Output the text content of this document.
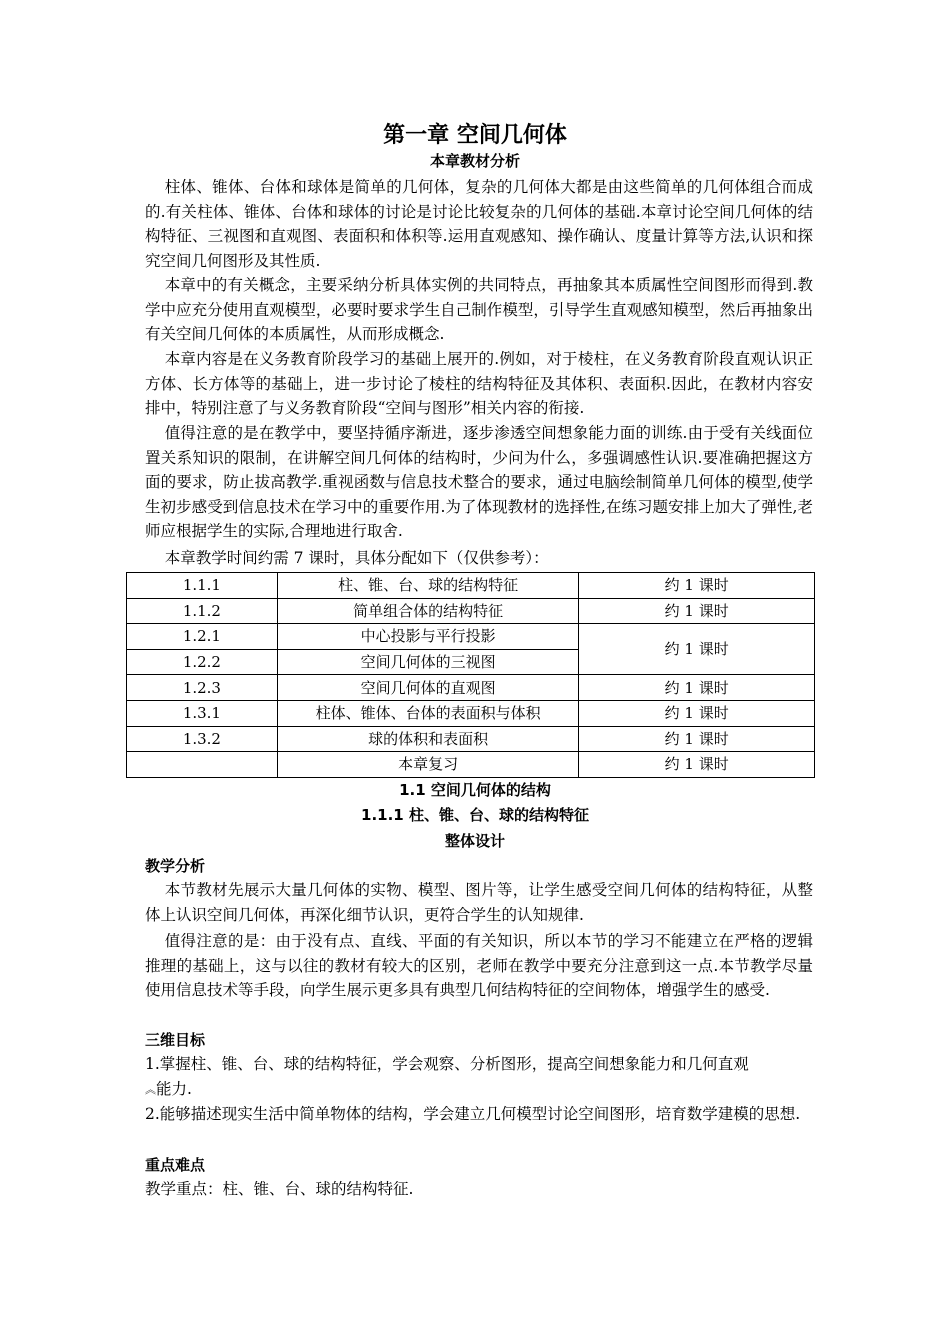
第一章 空间几何体
本章教材分析
柱体、锥体、台体和球体是简单的几何体，复杂的几何体大都是由这些简单的几何体组合而成的.有关柱体、锥体、台体和球体的讨论是讨论比较复杂的几何体的基础.本章讨论空间几何体的结构特征、三视图和直观图、表面积和体积等.运用直观感知、操作确认、度量计算等方法,认识和探究空间几何图形及其性质.
本章中的有关概念，主要采纳分析具体实例的共同特点，再抽象其本质属性空间图形而得到.教学中应充分使用直观模型，必要时要求学生自己制作模型，引导学生直观感知模型，然后再抽象出有关空间几何体的本质属性，从而形成概念.
本章内容是在义务教育阶段学习的基础上展开的.例如，对于棱柱，在义务教育阶段直观认识正方体、长方体等的基础上，进一步讨论了棱柱的结构特征及其体积、表面积.因此，在教材内容安排中，特别注意了与义务教育阶段“空间与图形”相关内容的衔接.
值得注意的是在教学中，要坚持循序渐进，逐步渗透空间想象能力面的训练.由于受有关线面位置关系知识的限制，在讲解空间几何体的结构时，少问为什么，多强调感性认识.要准确把握这方面的要求，防止拔高教学.重视函数与信息技术整合的要求，通过电脑绘制简单几何体的模型,使学生初步感受到信息技术在学习中的重要作用.为了体现教材的选择性,在练习题安排上加大了弹性,老师应根据学生的实际,合理地进行取舍.
本章教学时间约需 7 课时，具体分配如下（仅供参考）：
1.1.1	柱、锥、台、球的结构特征	约 1 课时
1.1.2	简单组合体的结构特征	约 1 课时
1.2.1	中心投影与平行投影	约 1 课时
1.2.2	空间几何体的三视图	
1.2.3	空间几何体的直观图	约 1 课时
1.3.1	柱体、锥体、台体的表面积与体积	约 1 课时
1.3.2	球的体积和表面积	约 1 课时
	本章复习	约 1 课时
1.1 空间几何体的结构
1.1.1 柱、锥、台、球的结构特征
整体设计
教学分析
本节教材先展示大量几何体的实物、模型、图片等，让学生感受空间几何体的结构特征，从整体上认识空间几何体，再深化细节认识，更符合学生的认知规律.
值得注意的是：由于没有点、直线、平面的有关知识，所以本节的学习不能建立在严格的逻辑推理的基础上，这与以往的教材有较大的区别，老师在教学中要充分注意到这一点.本节教学尽量使用信息技术等手段，向学生展示更多具有典型几何结构特征的空间物体，增强学生的感受.
三维目标
1.掌握柱、锥、台、球的结构特征，学会观察、分析图形，提高空间想象能力和几何直观
︽能力.
2.能够描述现实生活中简单物体的结构，学会建立几何模型讨论空间图形，培育数学建模的思想.
重点难点
教学重点：柱、锥、台、球的结构特征.
